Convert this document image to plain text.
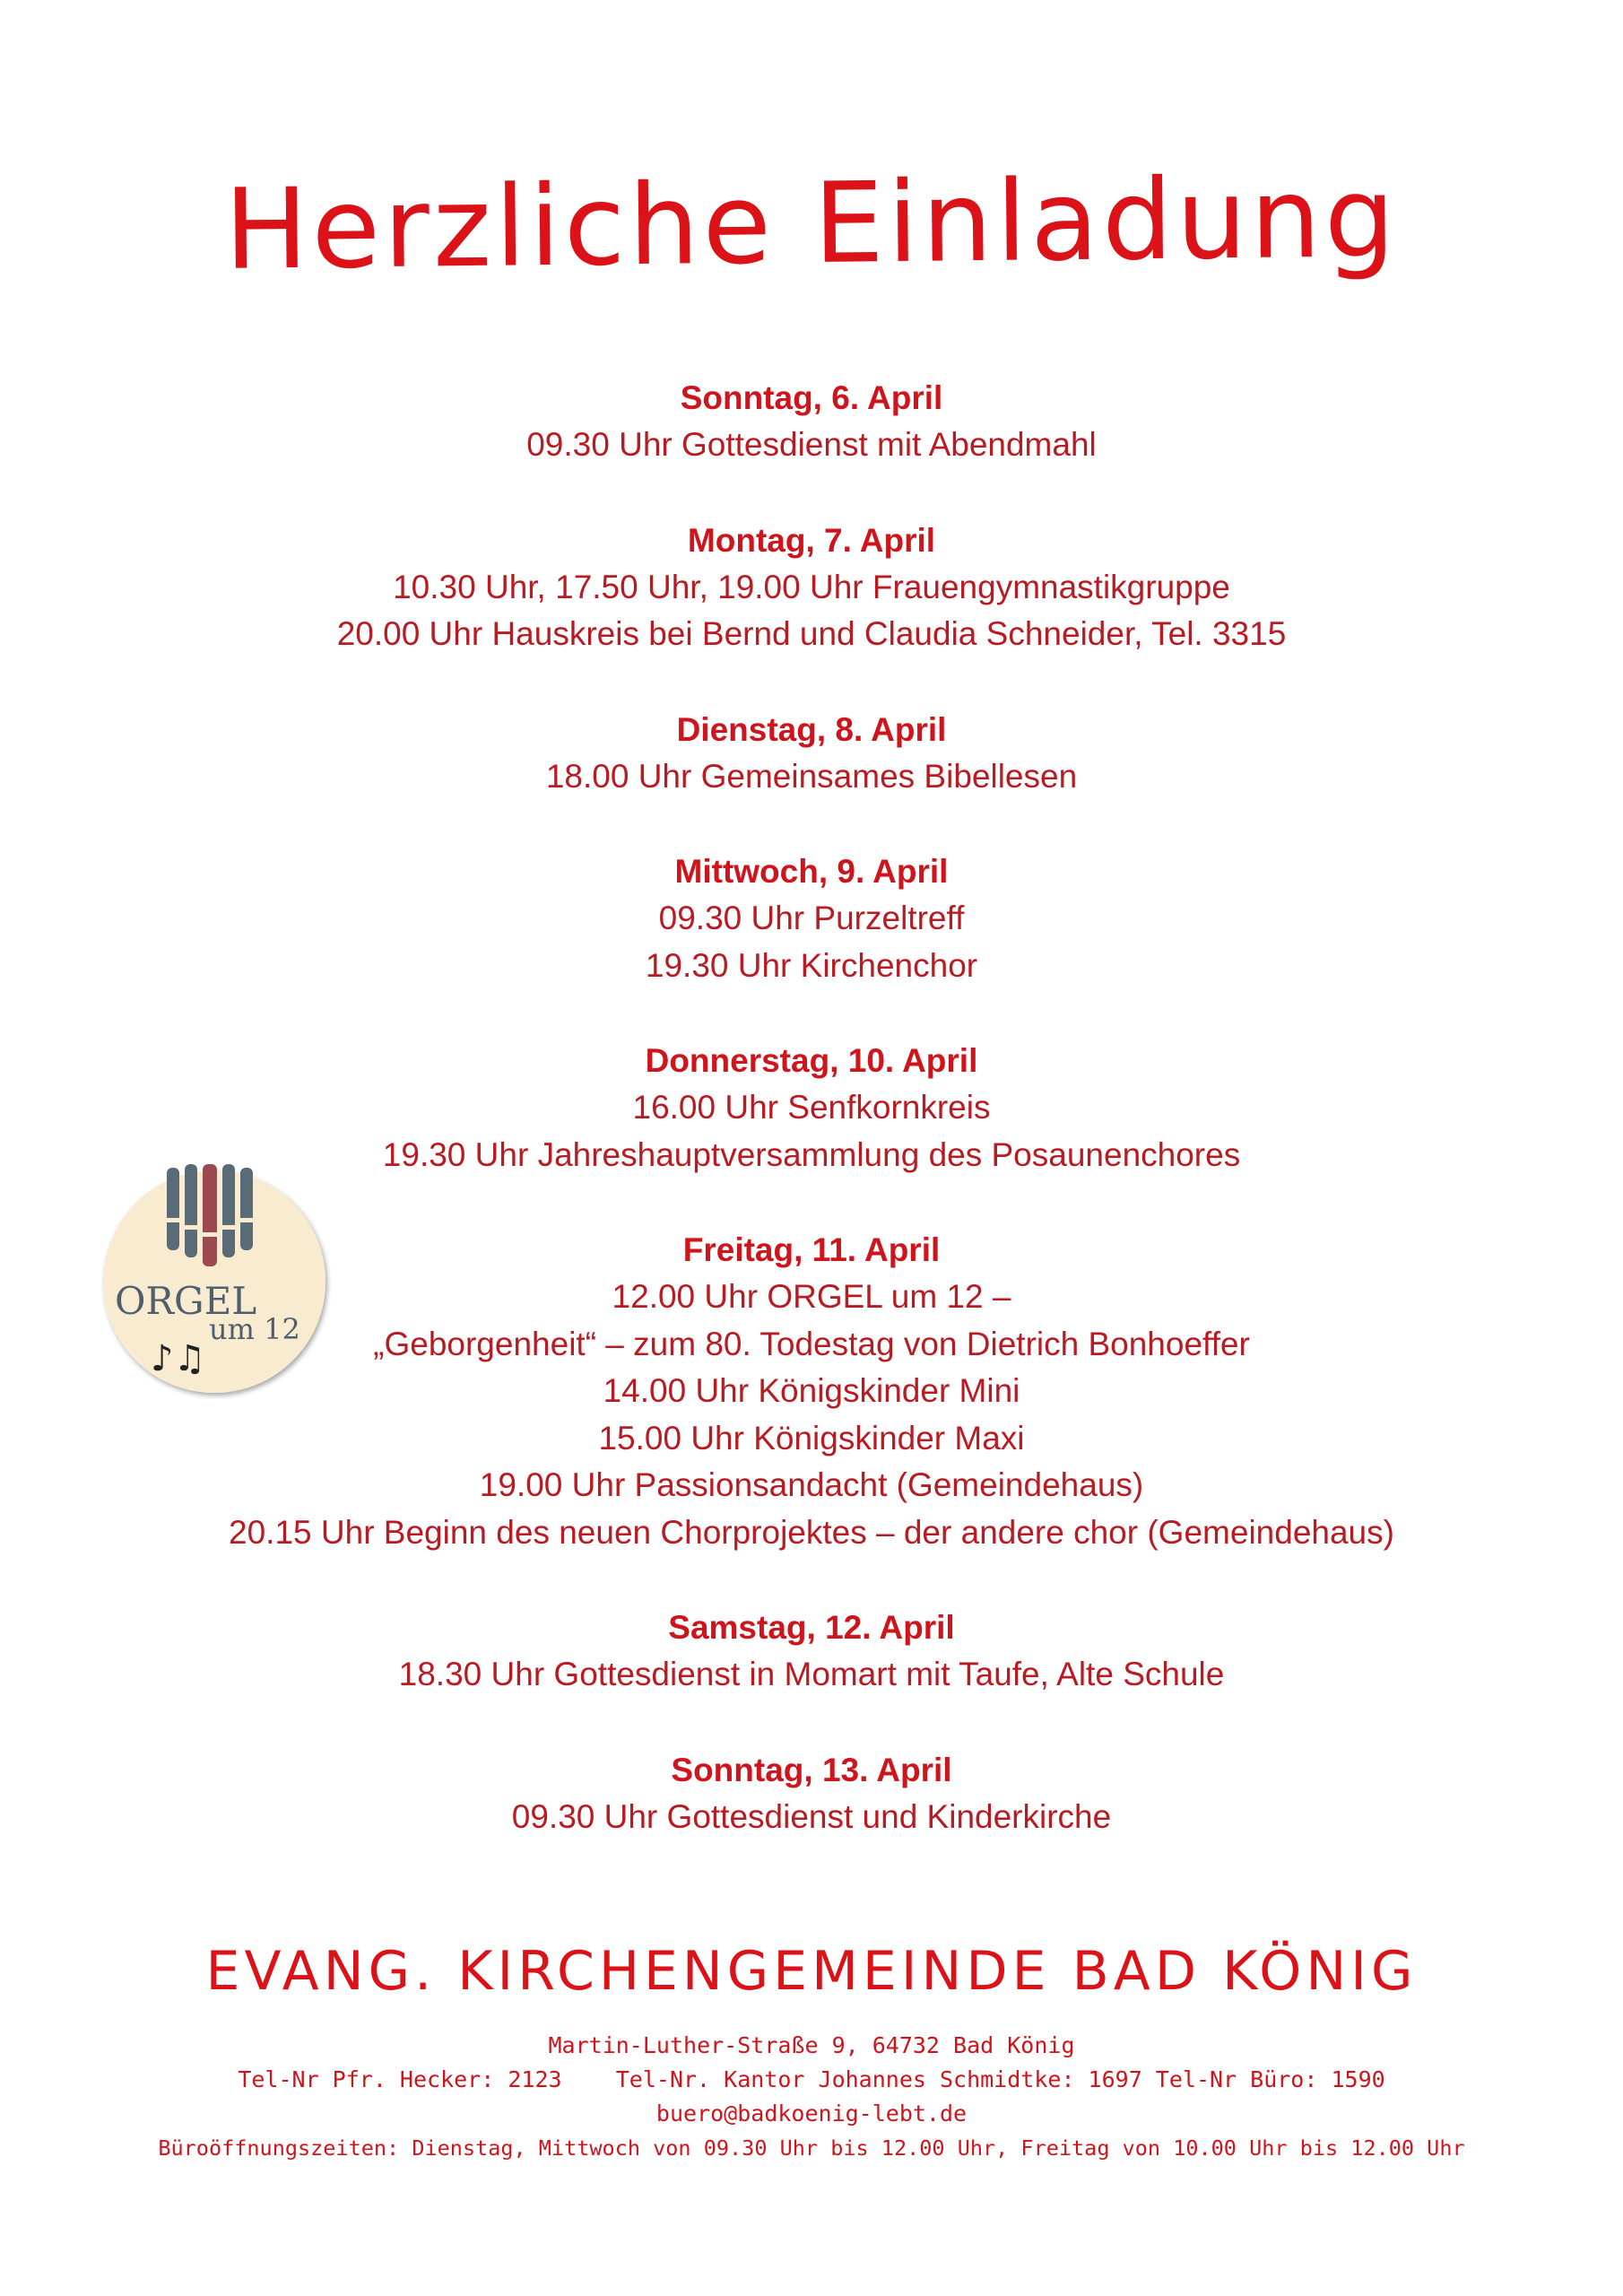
Herzliche Einladung
Sonntag, 6. April
09.30 Uhr Gottesdienst mit Abendmahl
Montag, 7. April
10.30 Uhr, 17.50 Uhr, 19.00 Uhr Frauengymnastikgruppe
20.00 Uhr Hauskreis bei Bernd und Claudia Schneider, Tel. 3315
Dienstag, 8. April
18.00 Uhr Gemeinsames Bibellesen
Mittwoch, 9. April
09.30 Uhr Purzeltreff
19.30 Uhr Kirchenchor
Donnerstag, 10. April
16.00 Uhr Senfkornkreis
19.30 Uhr Jahreshauptversammlung des Posaunenchores
Freitag, 11. April
12.00 Uhr ORGEL um 12 –
„Geborgenheit“ – zum 80. Todestag von Dietrich Bonhoeffer
14.00 Uhr Königskinder Mini
15.00 Uhr Königskinder Maxi
19.00 Uhr Passionsandacht (Gemeindehaus)
20.15 Uhr Beginn des neuen Chorprojektes – der andere chor (Gemeindehaus)
Samstag, 12. April
18.30 Uhr Gottesdienst in Momart mit Taufe, Alte Schule
Sonntag, 13. April
09.30 Uhr Gottesdienst und Kinderkirche
ORGEL
um 12
♪♫
EVANG. KIRCHENGEMEINDE BAD KÖNIG
Martin-Luther-Straße 9, 64732 Bad König
Tel-Nr Pfr. Hecker: 2123    Tel-Nr. Kantor Johannes Schmidtke: 1697 Tel-Nr Büro: 1590
buero@badkoenig-lebt.de
Büroöffnungszeiten: Dienstag, Mittwoch von 09.30 Uhr bis 12.00 Uhr, Freitag von 10.00 Uhr bis 12.00 Uhr
